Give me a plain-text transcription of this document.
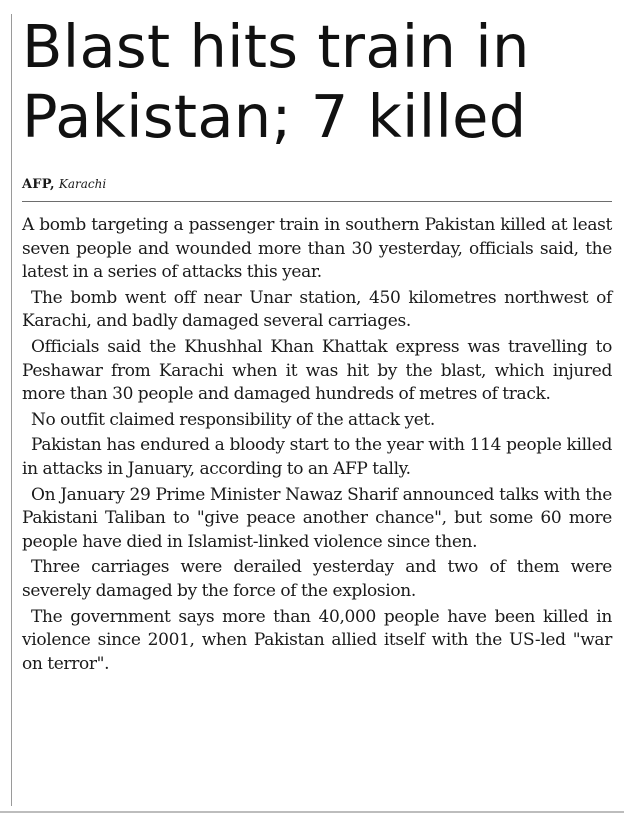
Blast hits train in
Pakistan; 7 killed
AFP, Karachi

A bomb targeting a passenger train in southern Pakistan killed at least seven people and wounded more than 30 yesterday, officials said, the latest in a series of attacks this year.

The bomb went off near Unar station, 450 kilometres northwest of Karachi, and badly damaged several carriages.

Officials said the Khushhal Khan Khattak express was travelling to Peshawar from Karachi when it was hit by the blast, which injured more than 30 people and damaged hundreds of metres of track.

No outfit claimed responsibility of the attack yet.

Pakistan has endured a bloody start to the year with 114 people killed in attacks in January, according to an AFP tally.

On January 29 Prime Minister Nawaz Sharif announced talks with the Pakistani Taliban to "give peace another chance", but some 60 more people have died in Islamist-linked violence since then.

Three carriages were derailed yesterday and two of them were severely damaged by the force of the explosion.

The government says more than 40,000 people have been killed in violence since 2001, when Pakistan allied itself with the US-led "war on terror".
